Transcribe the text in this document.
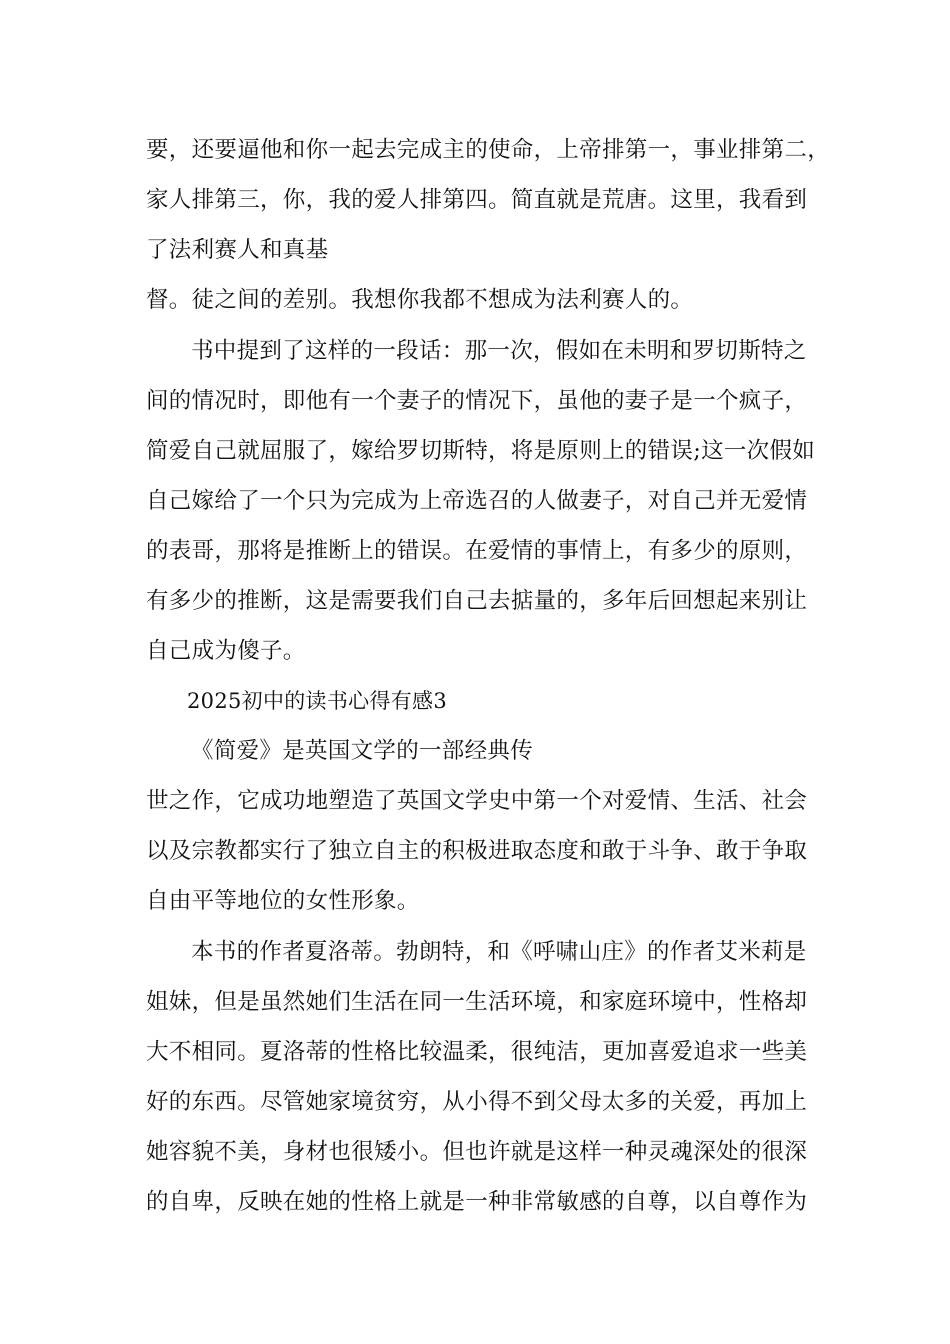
要，还要逼他和你一起去完成主的使命，上帝排第一，事业排第二，
家人排第三，你，我的爱人排第四。简直就是荒唐。这里，我看到
了法利赛人和真基
督。徒之间的差别。我想你我都不想成为法利赛人的。
书中提到了这样的一段话：那一次，假如在未明和罗切斯特之
间的情况时，即他有一个妻子的情况下，虽他的妻子是一个疯子，
简爱自己就屈服了，嫁给罗切斯特，将是原则上的错误;这一次假如
自己嫁给了一个只为完成为上帝选召的人做妻子，对自己并无爱情
的表哥，那将是推断上的错误。在爱情的事情上，有多少的原则，
有多少的推断，这是需要我们自己去掂量的，多年后回想起来别让
自己成为傻子。
2025初中的读书心得有感3
《简爱》是英国文学的一部经典传
世之作，它成功地塑造了英国文学史中第一个对爱情、生活、社会
以及宗教都实行了独立自主的积极进取态度和敢于斗争、敢于争取
自由平等地位的女性形象。
本书的作者夏洛蒂。勃朗特，和《呼啸山庄》的作者艾米莉是
姐妹，但是虽然她们生活在同一生活环境，和家庭环境中，性格却
大不相同。夏洛蒂的性格比较温柔，很纯洁，更加喜爱追求一些美
好的东西。尽管她家境贫穷，从小得不到父母太多的关爱，再加上
她容貌不美，身材也很矮小。但也许就是这样一种灵魂深处的很深
的自卑，反映在她的性格上就是一种非常敏感的自尊，以自尊作为
